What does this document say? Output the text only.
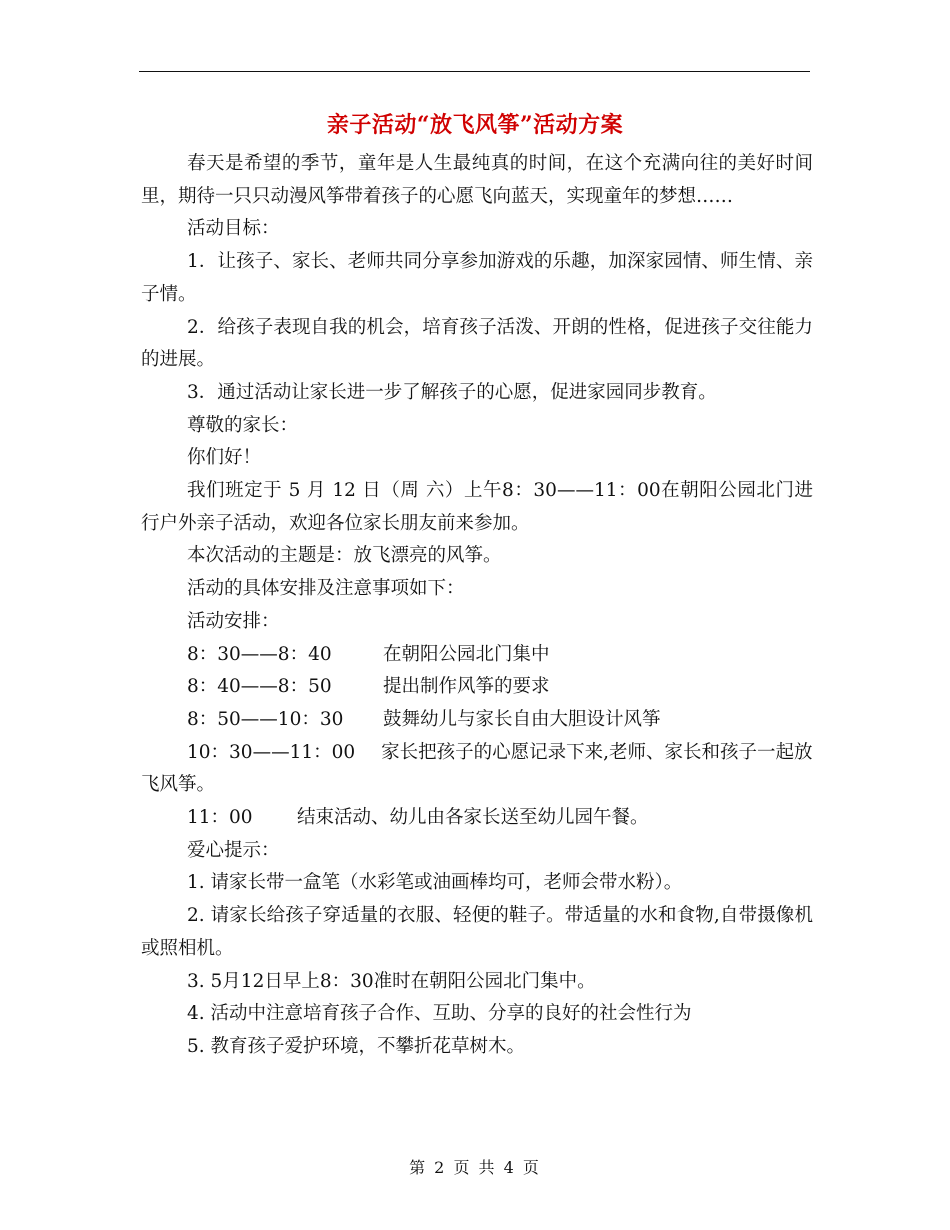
亲子活动“放飞风筝”活动方案

春天是希望的季节，童年是人生最纯真的时间，在这个充满向往的美好时间里，期待一只只动漫风筝带着孩子的心愿飞向蓝天，实现童年的梦想……

活动目标：

1．让孩子、家长、老师共同分享参加游戏的乐趣，加深家园情、师生情、亲子情。

2．给孩子表现自我的机会，培育孩子活泼、开朗的性格，促进孩子交往能力的进展。

3．通过活动让家长进一步了解孩子的心愿，促进家园同步教育。

尊敬的家长：

你们好！

我们班定于 5 月 12 日（周 六）上午8：30——11：00在朝阳公园北门进行户外亲子活动，欢迎各位家长朋友前来参加。

本次活动的主题是：放飞漂亮的风筝。

活动的具体安排及注意事项如下：

活动安排：

8：30——8：40	在朝阳公园北门集中
8：40——8：50	提出制作风筝的要求
8：50——10：30	鼓舞幼儿与家长自由大胆设计风筝

10：30——11：00 家长把孩子的心愿记录下来,老师、家长和孩子一起放飞风筝。

11：00	结束活动、幼儿由各家长送至幼儿园午餐。

爱心提示：

1. 请家长带一盒笔（水彩笔或油画棒均可，老师会带水粉）。

2. 请家长给孩子穿适量的衣服、轻便的鞋子。带适量的水和食物,自带摄像机或照相机。

3. 5月12日早上8：30准时在朝阳公园北门集中。

4. 活动中注意培育孩子合作、互助、分享的良好的社会性行为

5. 教育孩子爱护环境，不攀折花草树木。

第 2 页 共 4 页
